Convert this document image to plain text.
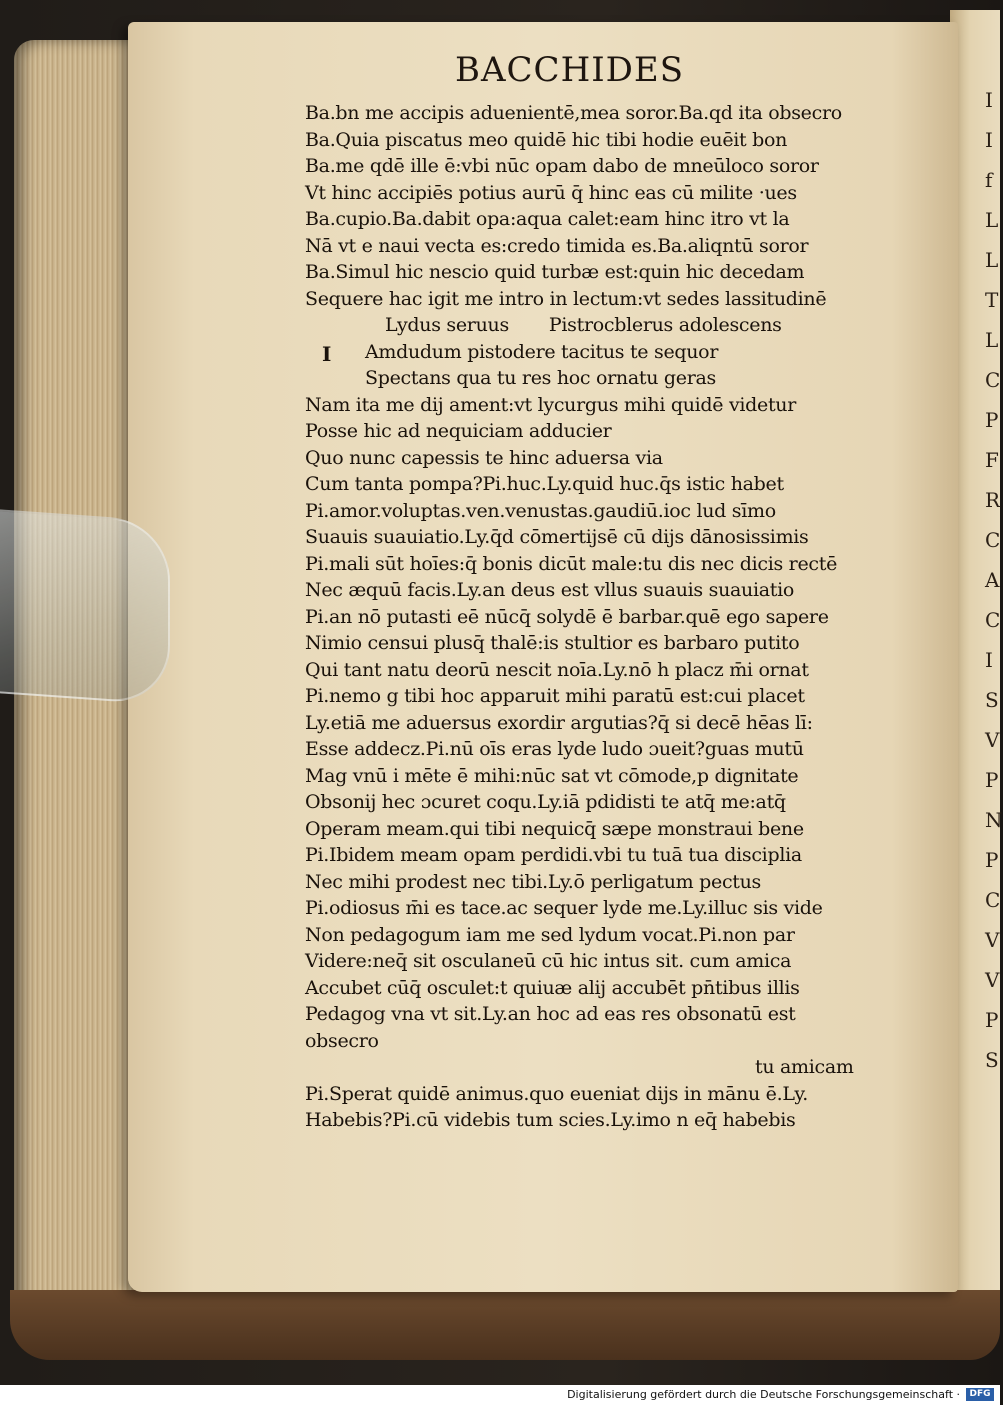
I
I
f
L
L
T
L
C
P
F
R
C
A
C
I
S
V
P
N
P
C
V
V
P
S
BACCHIDES
Ba.bn me accipis aduenientē,mea soror.Ba.qd ita obsecro
Ba.Quia piscatus meo quidē hic tibi hodie euēit bon
Ba.me qdē ille ē:vbi nūc opam dabo de mneūloco soror
Vt hinc accipiēs potius aurū q̄ hinc eas cū milite ·ues
Ba.cupio.Ba.dabit opa:aqua calet:eam hinc itro vt la
Nā vt e naui vecta es:credo timida es.Ba.aliqntū soror
Ba.Simul hic nescio quid turbæ est:quin hic decedam
Sequere hac igit me intro in lectum:vt sedes lassitudinē
Lydus seruus Pistrocblerus adolescens
Amdudum pistodere tacitus te sequor
Spectans qua tu res hoc ornatu geras
Nam ita me dij ament:vt lycurgus mihi quidē videtur
Posse hic ad nequiciam adducier
Quo nunc capessis te hinc aduersa via
Cum tanta pompa?Pi.huc.Ly.quid huc.q̄s istic habet
Pi.amor.voluptas.ven.venustas.gaudiū.ioc lud sīmo
Suauis suauiatio.Ly.q̄d cōmertijsē cū dijs dānosissimis
Pi.mali sūt hoīes:q̄ bonis dicūt male:tu dis nec dicis rectē
Nec æquū facis.Ly.an deus est vllus suauis suauiatio
Pi.an nō putasti eē nūcq̄ solydē ē barbar.quē ego sapere
Nimio censui plusq̄ thalē:is stultior es barbaro putito
Qui tant natu deorū nescit noīa.Ly.nō h placz m̄i ornat
Pi.nemo g tibi hoc apparuit mihi paratū est:cui placet
Ly.etiā me aduersus exordir argutias?q̄ si decē hēas lī:
Esse addecz.Pi.nū oīs eras lyde ludo ɔueit?guas mutū
Mag vnū i mēte ē mihi:nūc sat vt cōmode,p dignitate
Obsonij hec ɔcuret coqu.Ly.iā pdidisti te atq̄ me:atq̄
Operam meam.qui tibi nequicq̄ sæpe monstraui bene
Pi.Ibidem meam opam perdidi.vbi tu tuā tua disciplia
Nec mihi prodest nec tibi.Ly.ō perligatum pectus
Pi.odiosus m̄i es tace.ac sequer lyde me.Ly.illuc sis vide
Non pedagogum iam me sed lydum vocat.Pi.non par
Videre:neq̄ sit osculaneū cū hic intus sit. cum amica
Accubet cūq̄ osculet:t quiuæ alij accubēt pn̄tibus illis
Pedagog vna vt sit.Ly.an hoc ad eas res obsonatū est
obsecro
tu amicam
Pi.Sperat quidē animus.quo eueniat dijs in mānu ē.Ly.
Habebis?Pi.cū videbis tum scies.Ly.imo n eq̄ habebis
I
Digitalisierung gefördert durch die Deutsche Forschungsgemeinschaft ·	DFG
